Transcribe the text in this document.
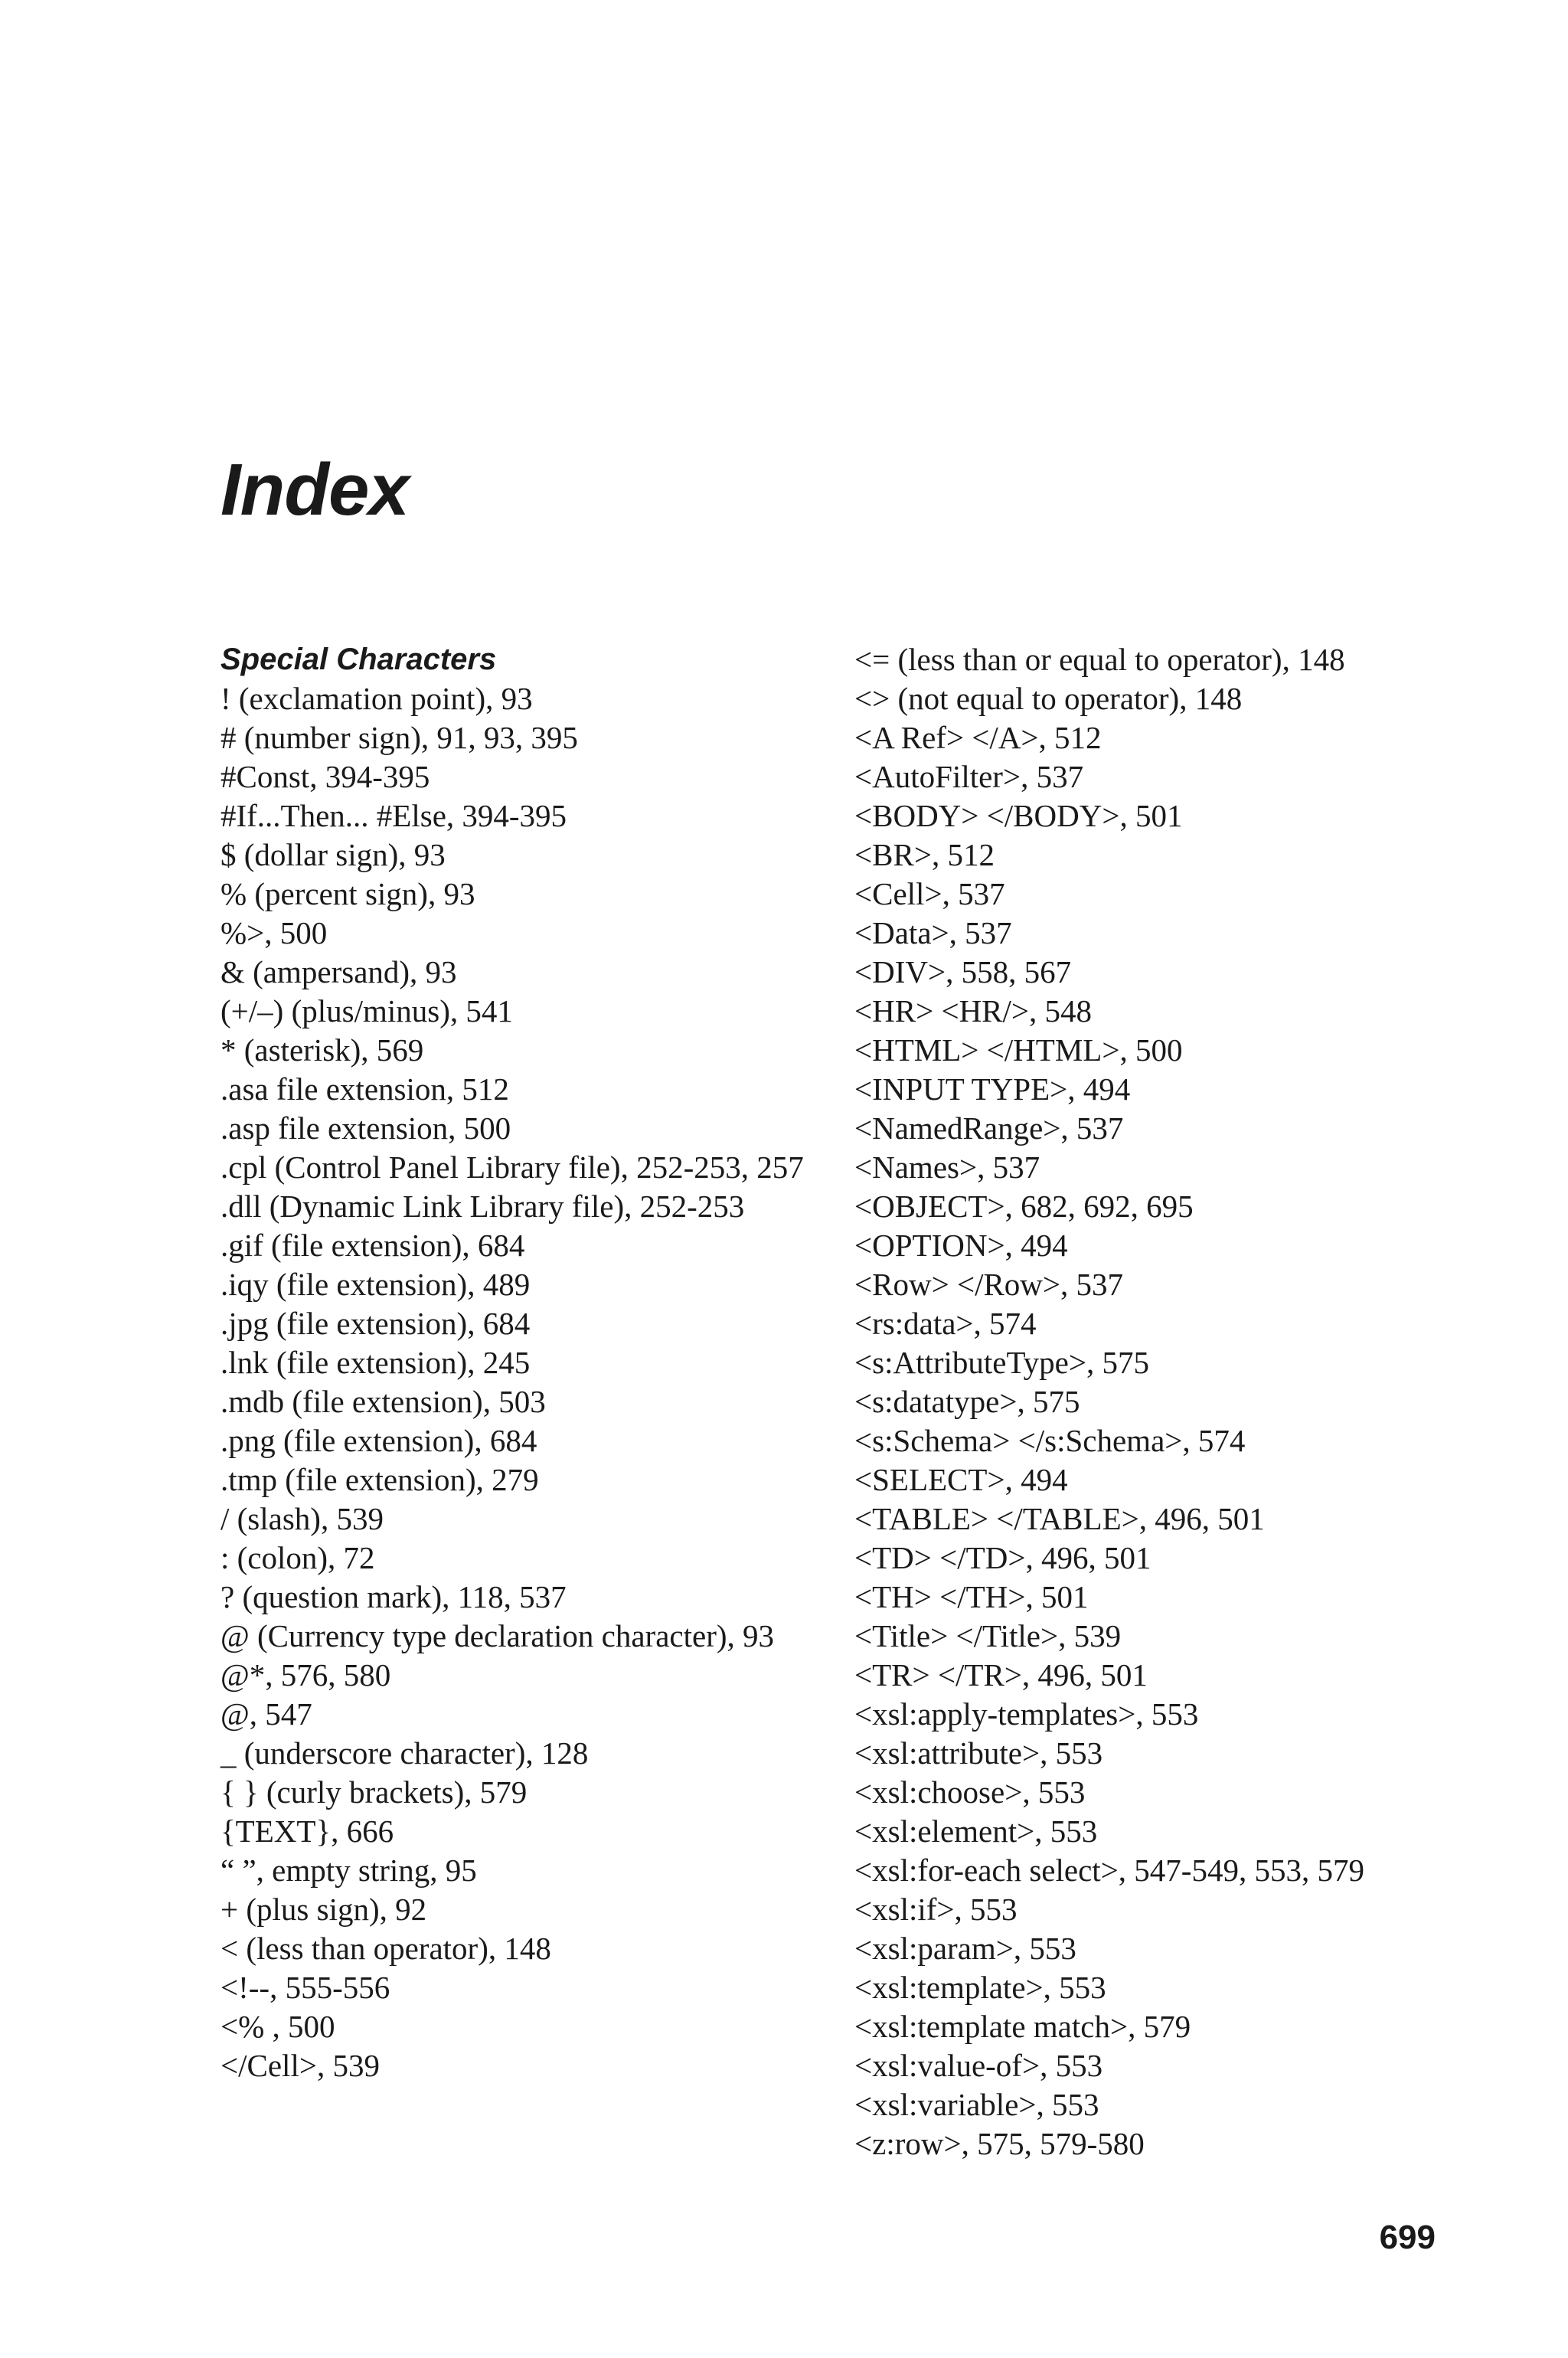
Index
Special Characters
! (exclamation point), 93
# (number sign), 91, 93, 395
#Const, 394-395
#If...Then... #Else, 394-395
$ (dollar sign), 93
% (percent sign), 93
%>, 500
& (ampersand), 93
(+/–) (plus/minus), 541
* (asterisk), 569
.asa file extension, 512
.asp file extension, 500
.cpl (Control Panel Library file), 252-253, 257
.dll (Dynamic Link Library file), 252-253
.gif (file extension), 684
.iqy (file extension), 489
.jpg (file extension), 684
.lnk (file extension), 245
.mdb (file extension), 503
.png (file extension), 684
.tmp (file extension), 279
/ (slash), 539
: (colon), 72
? (question mark), 118, 537
@ (Currency type declaration character), 93
@*, 576, 580
@, 547
_ (underscore character), 128
{ } (curly brackets), 579
{TEXT}, 666
“ ”, empty string, 95
+ (plus sign), 92
< (less than operator), 148
<!--, 555-556
<% , 500
</Cell>, 539
<= (less than or equal to operator), 148
<> (not equal to operator), 148
<A Ref> </A>, 512
<AutoFilter>, 537
<BODY> </BODY>, 501
<BR>, 512
<Cell>, 537
<Data>, 537
<DIV>, 558, 567
<HR> <HR/>, 548
<HTML> </HTML>, 500
<INPUT TYPE>, 494
<NamedRange>, 537
<Names>, 537
<OBJECT>, 682, 692, 695
<OPTION>, 494
<Row> </Row>, 537
<rs:data>, 574
<s:AttributeType>, 575
<s:datatype>, 575
<s:Schema> </s:Schema>, 574
<SELECT>, 494
<TABLE> </TABLE>, 496, 501
<TD> </TD>, 496, 501
<TH> </TH>, 501
<Title> </Title>, 539
<TR> </TR>, 496, 501
<xsl:apply-templates>, 553
<xsl:attribute>, 553
<xsl:choose>, 553
<xsl:element>, 553
<xsl:for-each select>, 547-549, 553, 579
<xsl:if>, 553
<xsl:param>, 553
<xsl:template>, 553
<xsl:template match>, 579
<xsl:value-of>, 553
<xsl:variable>, 553
<z:row>, 575, 579-580
699
